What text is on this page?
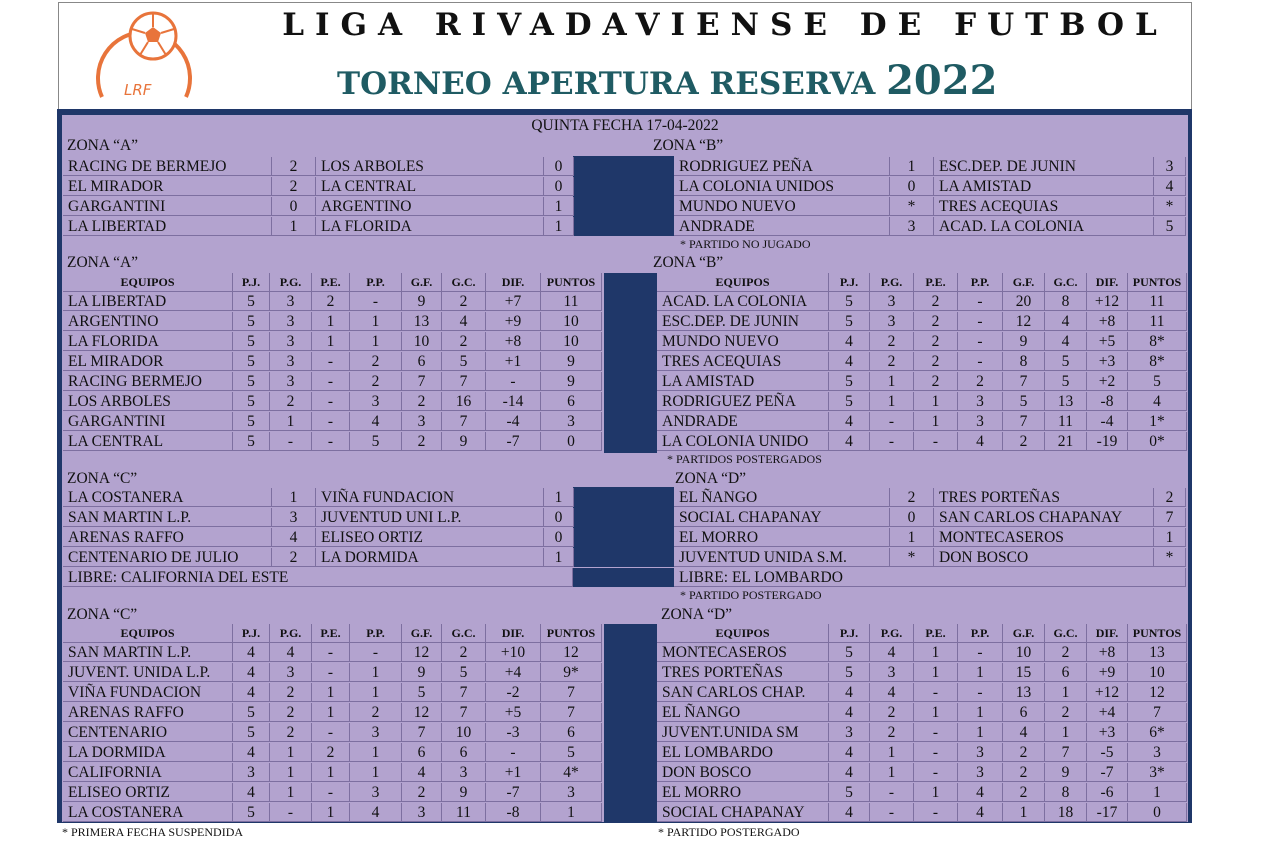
LRF
LIGA RIVADAVIENSE DE FUTBOL
TORNEO APERTURA RESERVA 2022
QUINTA FECHA 17-04-2022
ZONA “A”	ZONA “B”
RACING DE BERMEJO	2	LOS ARBOLES	0	RODRIGUEZ PEÑA	1	ESC.DEP. DE JUNIN	3
EL MIRADOR	2	LA CENTRAL	0	LA COLONIA UNIDOS	0	LA AMISTAD	4
GARGANTINI	0	ARGENTINO	1	MUNDO NUEVO	*	TRES ACEQUIAS	*
LA LIBERTAD	1	LA FLORIDA	1	ANDRADE	3	ACAD. LA COLONIA	5
* PARTIDO NO JUGADO
ZONA “A”	ZONA “B”
EQUIPOS	P.J.	P.G.	P.E.	P.P.	G.F.	G.C.	DIF.	PUNTOS	EQUIPOS	P.J.	P.G.	P.E.	P.P.	G.F.	G.C.	DIF.	PUNTOS
LA LIBERTAD	5	3	2	-	9	2	+7	11	ACAD. LA COLONIA	5	3	2	-	20	8	+12	11
ARGENTINO	5	3	1	1	13	4	+9	10	ESC.DEP. DE JUNIN	5	3	2	-	12	4	+8	11
LA FLORIDA	5	3	1	1	10	2	+8	10	MUNDO NUEVO	4	2	2	-	9	4	+5	8*
EL MIRADOR	5	3	-	2	6	5	+1	9	TRES ACEQUIAS	4	2	2	-	8	5	+3	8*
RACING BERMEJO	5	3	-	2	7	7	-	9	LA AMISTAD	5	1	2	2	7	5	+2	5
LOS ARBOLES	5	2	-	3	2	16	-14	6	RODRIGUEZ PEÑA	5	1	1	3	5	13	-8	4
GARGANTINI	5	1	-	4	3	7	-4	3	ANDRADE	4	-	1	3	7	11	-4	1*
LA CENTRAL	5	-	-	5	2	9	-7	0	LA COLONIA UNIDO	4	-	-	4	2	21	-19	0*
* PARTIDOS POSTERGADOS
ZONA “C”	ZONA “D”
LA COSTANERA	1	VIÑA FUNDACION	1	EL ÑANGO	2	TRES PORTEÑAS	2
SAN MARTIN L.P.	3	JUVENTUD UNI L.P.	0	SOCIAL CHAPANAY	0	SAN CARLOS CHAPANAY	7
ARENAS RAFFO	4	ELISEO ORTIZ	0	EL MORRO	1	MONTECASEROS	1
CENTENARIO DE JULIO	2	LA DORMIDA	1	JUVENTUD UNIDA S.M.	*	DON BOSCO	*
LIBRE: CALIFORNIA DEL ESTE	LIBRE: EL LOMBARDO
* PARTIDO POSTERGADO
ZONA “C”	ZONA “D”
EQUIPOS	P.J.	P.G.	P.E.	P.P.	G.F.	G.C.	DIF.	PUNTOS	EQUIPOS	P.J.	P.G.	P.E.	P.P.	G.F.	G.C.	DIF.	PUNTOS
SAN MARTIN L.P.	4	4	-	-	12	2	+10	12	MONTECASEROS	5	4	1	-	10	2	+8	13
JUVENT. UNIDA L.P.	4	3	-	1	9	5	+4	9*	TRES PORTEÑAS	5	3	1	1	15	6	+9	10
VIÑA FUNDACION	4	2	1	1	5	7	-2	7	SAN CARLOS CHAP.	4	4	-	-	13	1	+12	12
ARENAS RAFFO	5	2	1	2	12	7	+5	7	EL ÑANGO	4	2	1	1	6	2	+4	7
CENTENARIO	5	2	-	3	7	10	-3	6	JUVENT.UNIDA SM	3	2	-	1	4	1	+3	6*
LA DORMIDA	4	1	2	1	6	6	-	5	EL LOMBARDO	4	1	-	3	2	7	-5	3
CALIFORNIA	3	1	1	1	4	3	+1	4*	DON BOSCO	4	1	-	3	2	9	-7	3*
ELISEO ORTIZ	4	1	-	3	2	9	-7	3	EL MORRO	5	-	1	4	2	8	-6	1
LA COSTANERA	5	-	1	4	3	11	-8	1	SOCIAL CHAPANAY	4	-	-	4	1	18	-17	0
* PRIMERA FECHA SUSPENDIDA	* PARTIDO POSTERGADO
